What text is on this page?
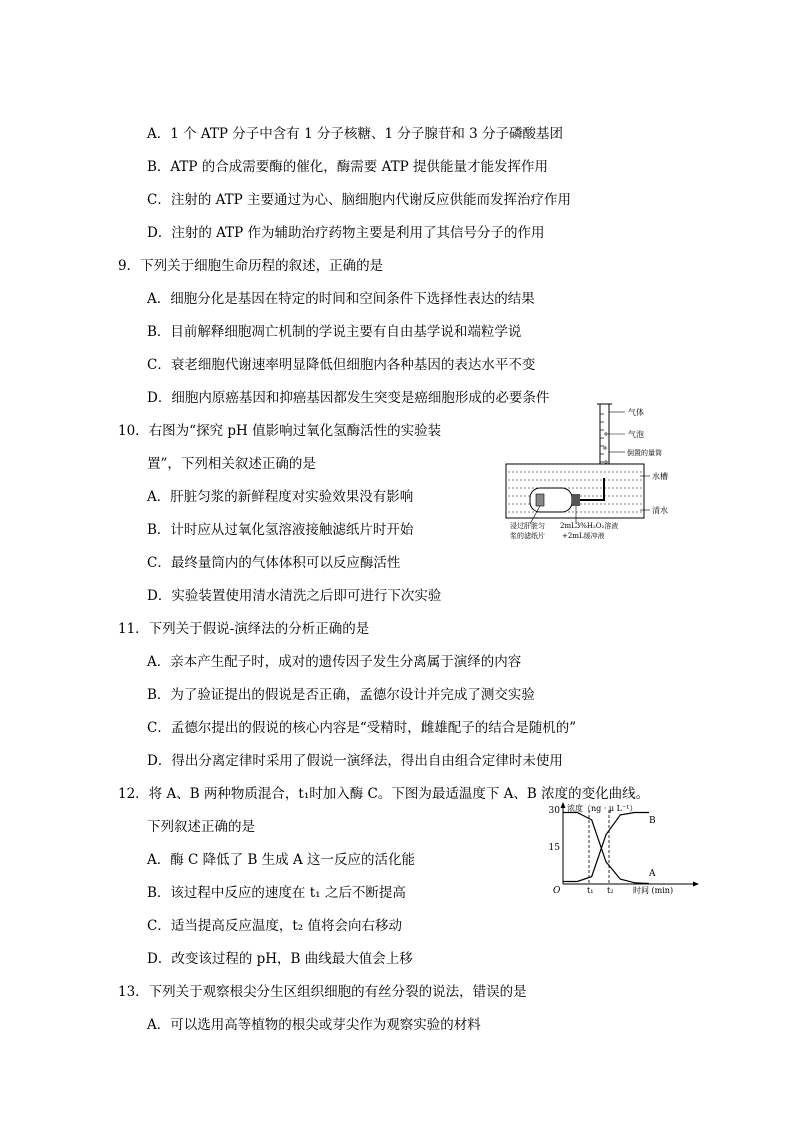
A．1 个 ATP 分子中含有 1 分子核糖、1 分子腺苷和 3 分子磷酸基团
B．ATP 的合成需要酶的催化，酶需要 ATP 提供能量才能发挥作用
C．注射的 ATP 主要通过为心、脑细胞内代谢反应供能而发挥治疗作用
D．注射的 ATP 作为辅助治疗药物主要是利用了其信号分子的作用
9．下列关于细胞生命历程的叙述，正确的是
A．细胞分化是基因在特定的时间和空间条件下选择性表达的结果
B．目前解释细胞凋亡机制的学说主要有自由基学说和端粒学说
C．衰老细胞代谢速率明显降低但细胞内各种基因的表达水平不变
D．细胞内原癌基因和抑癌基因都发生突变是癌细胞形成的必要条件
10．右图为“探究 pH 值影响过氧化氢酶活性的实验装
置”，下列相关叙述正确的是
A．肝脏匀浆的新鲜程度对实验效果没有影响
B．计时应从过氧化氢溶液接触滤纸片时开始
C．最终量筒内的气体体积可以反应酶活性
D．实验装置使用清水清洗之后即可进行下次实验
气体
气泡
倒置的量筒
水槽
清水
浸过肝脏匀
浆的滤纸片
2mL3%H₂O₂溶液
+2mL缓冲液
11．下列关于假说-演绎法的分析正确的是
A．亲本产生配子时，成对的遗传因子发生分离属于演绎的内容
B．为了验证提出的假说是否正确，孟德尔设计并完成了测交实验
C．孟德尔提出的假说的核心内容是“受精时，雌雄配子的结合是随机的”
D．得出分离定律时采用了假说一演绎法，得出自由组合定律时未使用
12．将 A、B 两种物质混合，t₁时加入酶 C。下图为最适温度下 A、B 浓度的变化曲线。
下列叙述正确的是
A．酶 C 降低了 B 生成 A 这一反应的活化能
B．该过程中反应的速度在 t₁ 之后不断提高
C．适当提高反应温度，t₂ 值将会向右移动
D．改变该过程的 pH，B 曲线最大值会上移
浓度（ng · μ L⁻¹）
时间 (min)
O
15
30
t₁ t₂
B
A
13．下列关于观察根尖分生区组织细胞的有丝分裂的说法，错误的是
A．可以选用高等植物的根尖或芽尖作为观察实验的材料
